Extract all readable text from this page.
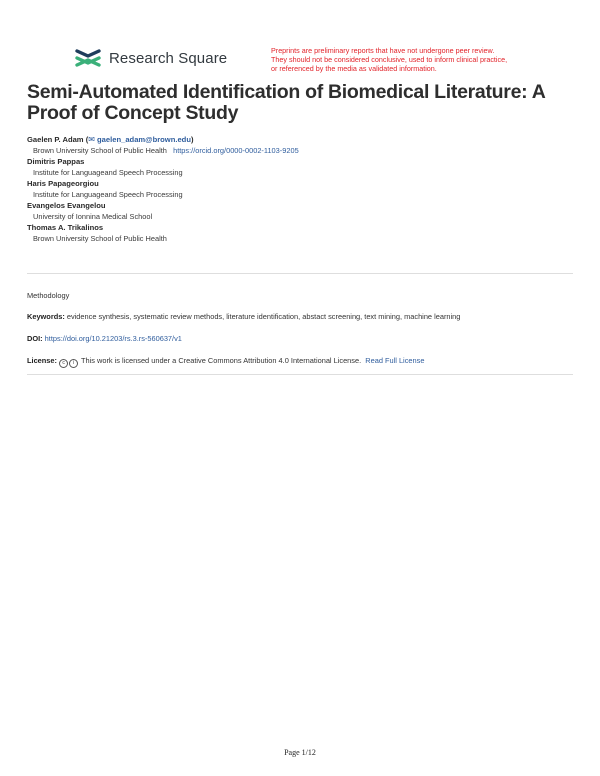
Research Square	Preprints are preliminary reports that have not undergone peer review.
They should not be considered conclusive, used to inform clinical practice,
or referenced by the media as validated information.
Semi-Automated Identification of Biomedical Literature: A Proof of Concept Study
Gaelen P. Adam (✉ gaelen_adam@brown.edu)
Brown University School of Public Health https://orcid.org/0000-0002-1103-9205
Dimitris Pappas
Institute for Languageand Speech Processing
Haris Papageorgiou
Institute for Languageand Speech Processing
Evangelos Evangelou
University of Ionnina Medical School
Thomas A. Trikalinos
Brown University School of Public Health
Methodology
Keywords: evidence synthesis, systematic review methods, literature identification, abstact screening, text mining, machine learning
DOI: https://doi.org/10.21203/rs.3.rs-560637/v1
License: c i This work is licensed under a Creative Commons Attribution 4.0 International License. Read Full License
Page 1/12
